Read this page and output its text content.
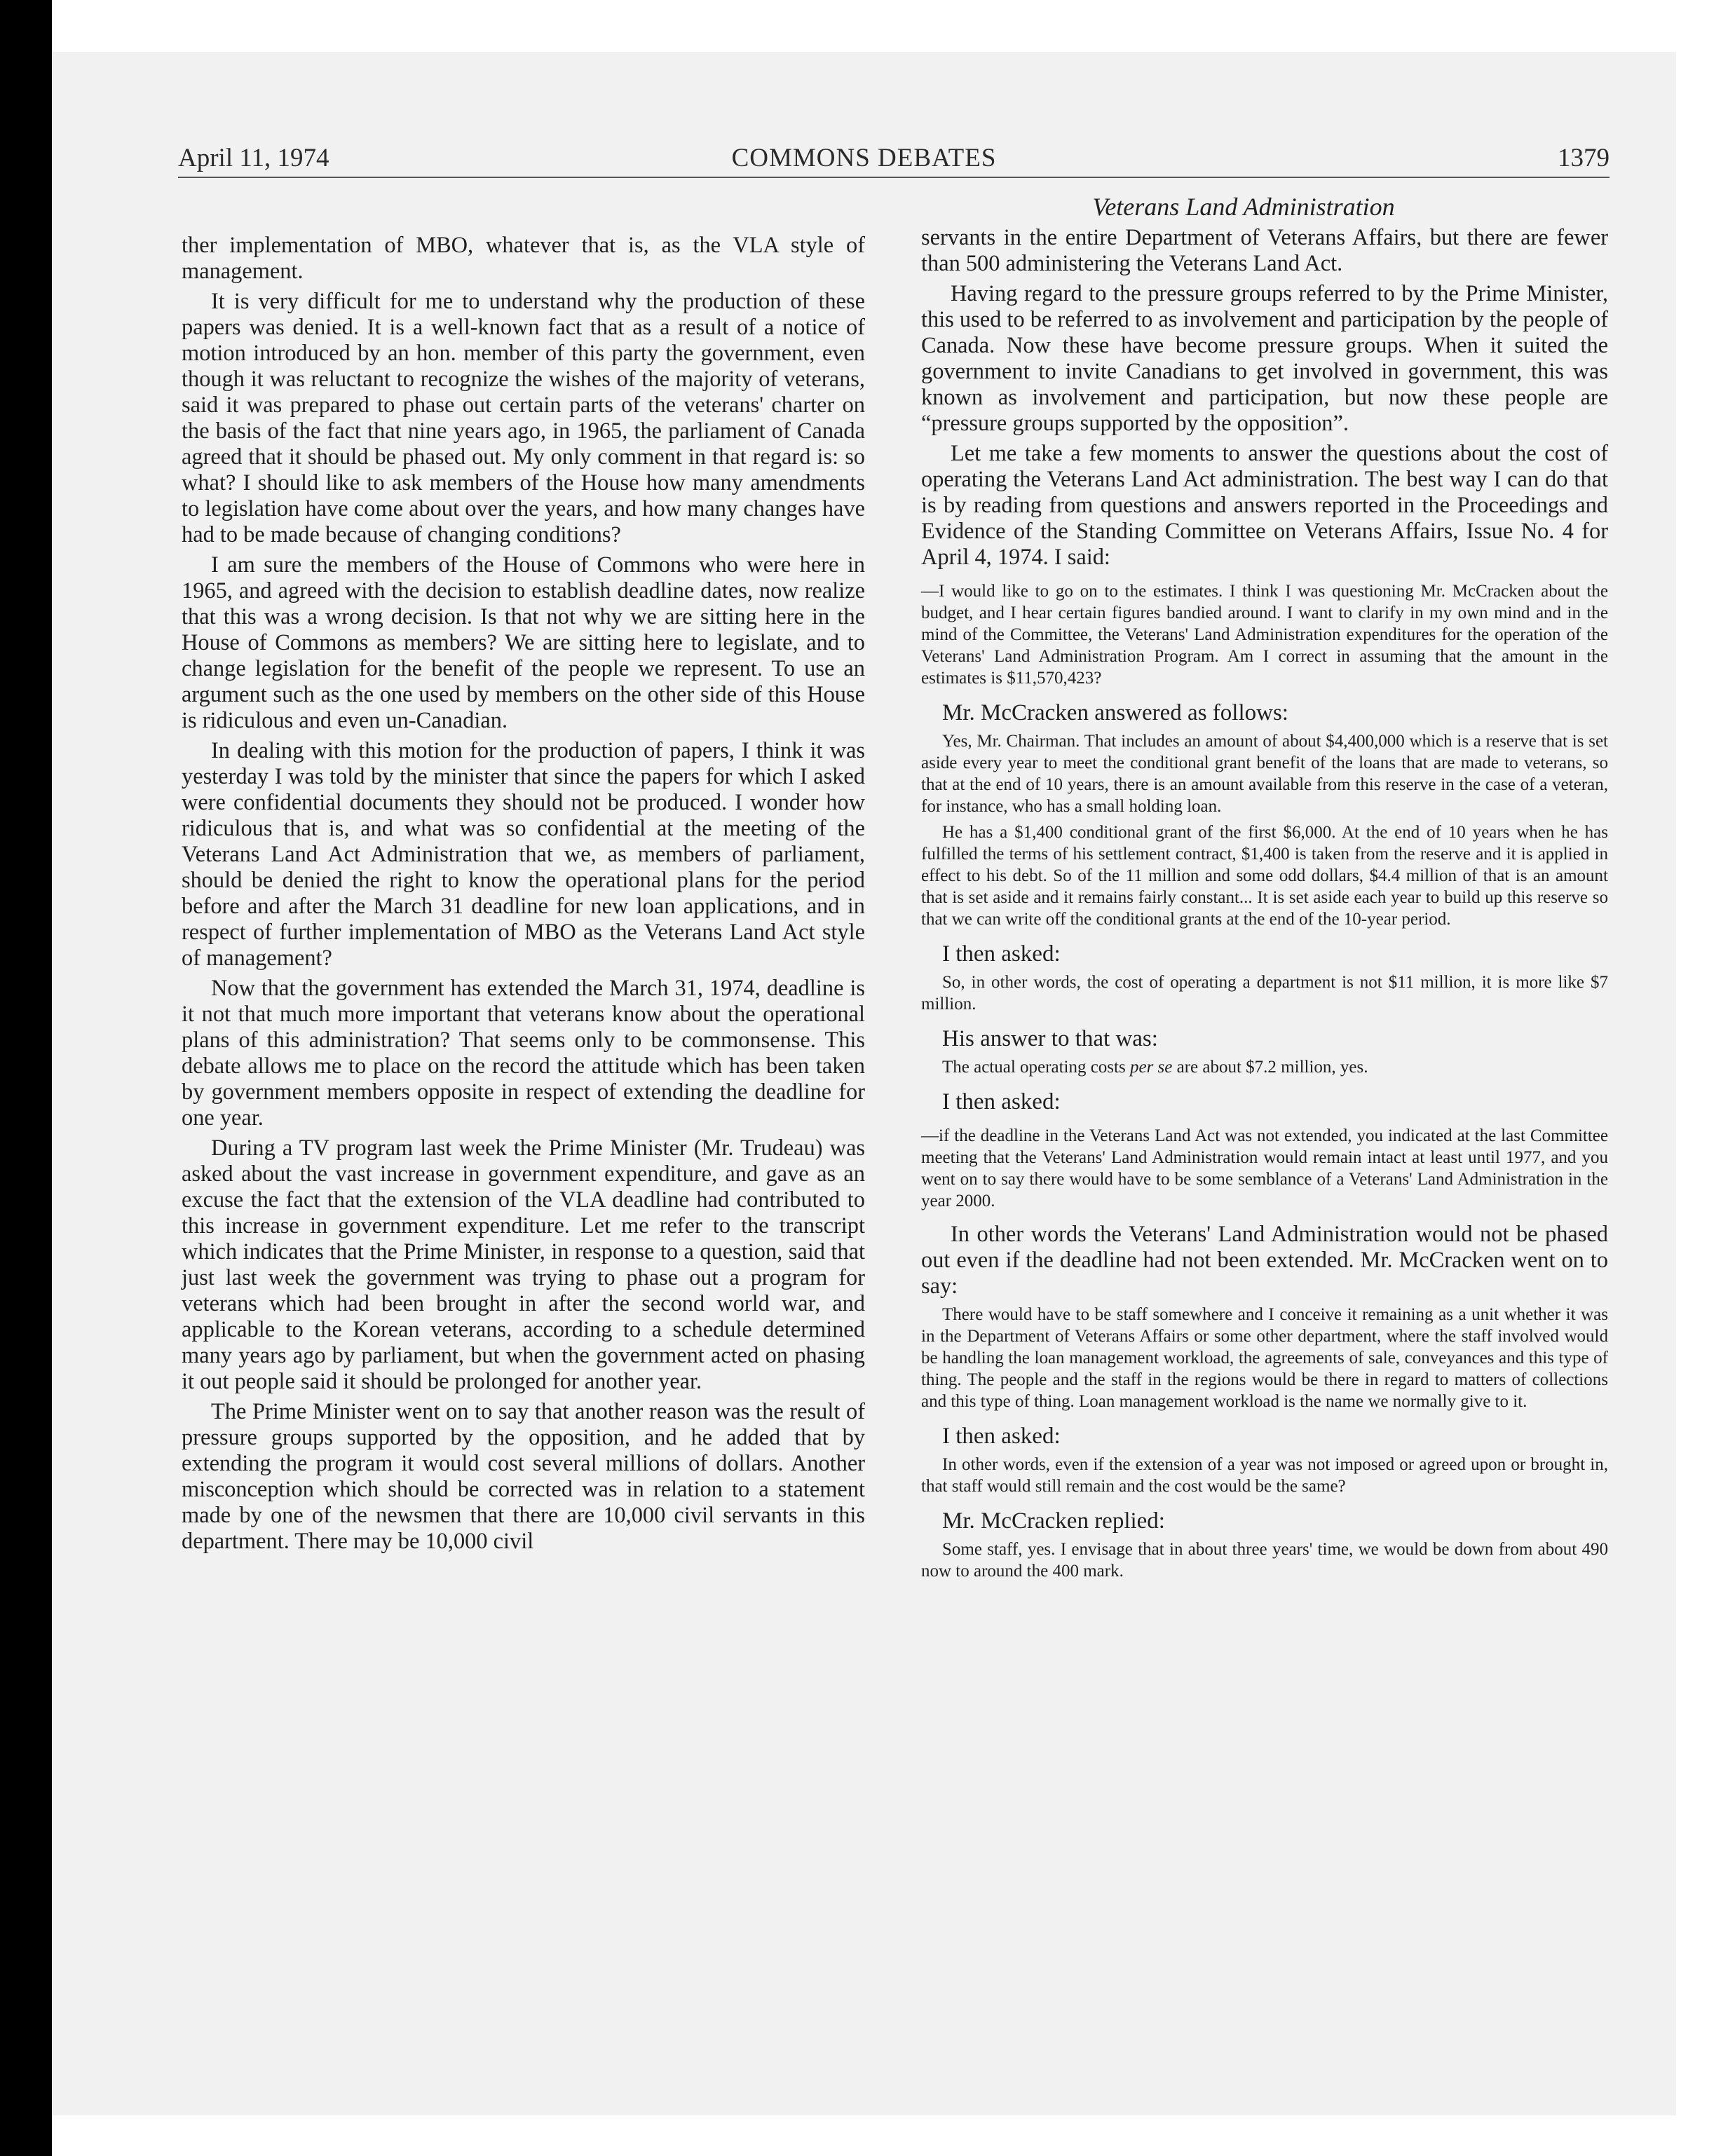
April 11, 1974	COMMONS DEBATES	1379
Veterans Land Administration

ther implementation of MBO, whatever that is, as the VLA style of management.

It is very difficult for me to understand why the production of these papers was denied. It is a well-known fact that as a result of a notice of motion introduced by an hon. member of this party the government, even though it was reluctant to recognize the wishes of the majority of veterans, said it was prepared to phase out certain parts of the veterans' charter on the basis of the fact that nine years ago, in 1965, the parliament of Canada agreed that it should be phased out. My only comment in that regard is: so what? I should like to ask members of the House how many amendments to legislation have come about over the years, and how many changes have had to be made because of changing conditions?

I am sure the members of the House of Commons who were here in 1965, and agreed with the decision to establish deadline dates, now realize that this was a wrong decision. Is that not why we are sitting here in the House of Commons as members? We are sitting here to legislate, and to change legislation for the benefit of the people we represent. To use an argument such as the one used by members on the other side of this House is ridiculous and even un-Canadian.

In dealing with this motion for the production of papers, I think it was yesterday I was told by the minister that since the papers for which I asked were confidential documents they should not be produced. I wonder how ridiculous that is, and what was so confidential at the meeting of the Veterans Land Act Administration that we, as members of parliament, should be denied the right to know the operational plans for the period before and after the March 31 deadline for new loan applications, and in respect of further implementation of MBO as the Veterans Land Act style of management?

Now that the government has extended the March 31, 1974, deadline is it not that much more important that veterans know about the operational plans of this administration? That seems only to be commonsense. This debate allows me to place on the record the attitude which has been taken by government members opposite in respect of extending the deadline for one year.

During a TV program last week the Prime Minister (Mr. Trudeau) was asked about the vast increase in government expenditure, and gave as an excuse the fact that the extension of the VLA deadline had contributed to this increase in government expenditure. Let me refer to the transcript which indicates that the Prime Minister, in response to a question, said that just last week the government was trying to phase out a program for veterans which had been brought in after the second world war, and applicable to the Korean veterans, according to a schedule determined many years ago by parliament, but when the government acted on phasing it out people said it should be prolonged for another year.

The Prime Minister went on to say that another reason was the result of pressure groups supported by the opposition, and he added that by extending the program it would cost several millions of dollars. Another misconception which should be corrected was in relation to a statement made by one of the newsmen that there are 10,000 civil servants in this department. There may be 10,000 civil

servants in the entire Department of Veterans Affairs, but there are fewer than 500 administering the Veterans Land Act.

Having regard to the pressure groups referred to by the Prime Minister, this used to be referred to as involvement and participation by the people of Canada. Now these have become pressure groups. When it suited the government to invite Canadians to get involved in government, this was known as involvement and participation, but now these people are “pressure groups supported by the opposition”.

Let me take a few moments to answer the questions about the cost of operating the Veterans Land Act administration. The best way I can do that is by reading from questions and answers reported in the Proceedings and Evidence of the Standing Committee on Veterans Affairs, Issue No. 4 for April 4, 1974. I said:

—I would like to go on to the estimates. I think I was questioning Mr. McCracken about the budget, and I hear certain figures bandied around. I want to clarify in my own mind and in the mind of the Committee, the Veterans' Land Administration expenditures for the operation of the Veterans' Land Administration Program. Am I correct in assuming that the amount in the estimates is $11,570,423?

Mr. McCracken answered as follows:

Yes, Mr. Chairman. That includes an amount of about $4,400,000 which is a reserve that is set aside every year to meet the conditional grant benefit of the loans that are made to veterans, so that at the end of 10 years, there is an amount available from this reserve in the case of a veteran, for instance, who has a small holding loan.

He has a $1,400 conditional grant of the first $6,000. At the end of 10 years when he has fulfilled the terms of his settlement contract, $1,400 is taken from the reserve and it is applied in effect to his debt. So of the 11 million and some odd dollars, $4.4 million of that is an amount that is set aside and it remains fairly constant... It is set aside each year to build up this reserve so that we can write off the conditional grants at the end of the 10-year period.

I then asked:

So, in other words, the cost of operating a department is not $11 million, it is more like $7 million.

His answer to that was:

The actual operating costs per se are about $7.2 million, yes.

I then asked:

—if the deadline in the Veterans Land Act was not extended, you indicated at the last Committee meeting that the Veterans' Land Administration would remain intact at least until 1977, and you went on to say there would have to be some semblance of a Veterans' Land Administration in the year 2000.

In other words the Veterans' Land Administration would not be phased out even if the deadline had not been extended. Mr. McCracken went on to say:

There would have to be staff somewhere and I conceive it remaining as a unit whether it was in the Department of Veterans Affairs or some other department, where the staff involved would be handling the loan management workload, the agreements of sale, conveyances and this type of thing. The people and the staff in the regions would be there in regard to matters of collections and this type of thing. Loan management workload is the name we normally give to it.

I then asked:

In other words, even if the extension of a year was not imposed or agreed upon or brought in, that staff would still remain and the cost would be the same?

Mr. McCracken replied:

Some staff, yes. I envisage that in about three years' time, we would be down from about 490 now to around the 400 mark.
